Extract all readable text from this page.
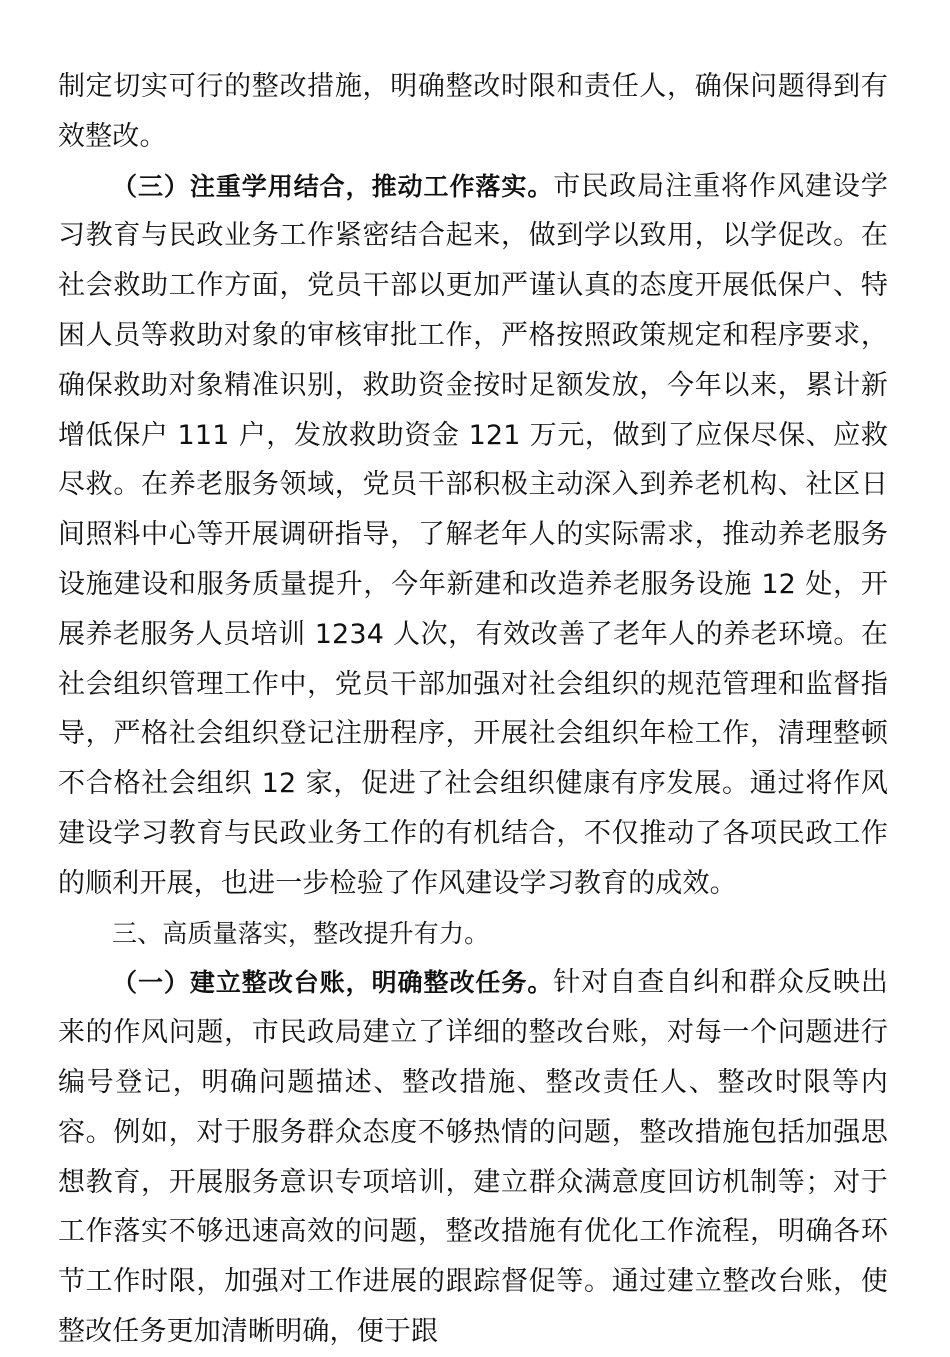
制定切实可行的整改措施，明确整改时限和责任人，确保问题得到有效整改。

（三）注重学用结合，推动工作落实。市民政局注重将作风建设学习教育与民政业务工作紧密结合起来，做到学以致用，以学促改。在社会救助工作方面，党员干部以更加严谨认真的态度开展低保户、特困人员等救助对象的审核审批工作，严格按照政策规定和程序要求，确保救助对象精准识别，救助资金按时足额发放，今年以来，累计新增低保户 111 户，发放救助资金 121 万元，做到了应保尽保、应救尽救。在养老服务领域，党员干部积极主动深入到养老机构、社区日间照料中心等开展调研指导，了解老年人的实际需求，推动养老服务设施建设和服务质量提升，今年新建和改造养老服务设施 12 处，开展养老服务人员培训 1234 人次，有效改善了老年人的养老环境。在社会组织管理工作中，党员干部加强对社会组织的规范管理和监督指导，严格社会组织登记注册程序，开展社会组织年检工作，清理整顿不合格社会组织 12 家，促进了社会组织健康有序发展。通过将作风建设学习教育与民政业务工作的有机结合，不仅推动了各项民政工作的顺利开展，也进一步检验了作风建设学习教育的成效。

三、高质量落实，整改提升有力。

（一）建立整改台账，明确整改任务。针对自查自纠和群众反映出来的作风问题，市民政局建立了详细的整改台账，对每一个问题进行编号登记，明确问题描述、整改措施、整改责任人、整改时限等内容。例如，对于服务群众态度不够热情的问题，整改措施包括加强思想教育，开展服务意识专项培训，建立群众满意度回访机制等；对于工作落实不够迅速高效的问题，整改措施有优化工作流程，明确各环节工作时限，加强对工作进展的跟踪督促等。通过建立整改台账，使整改任务更加清晰明确，便于跟
